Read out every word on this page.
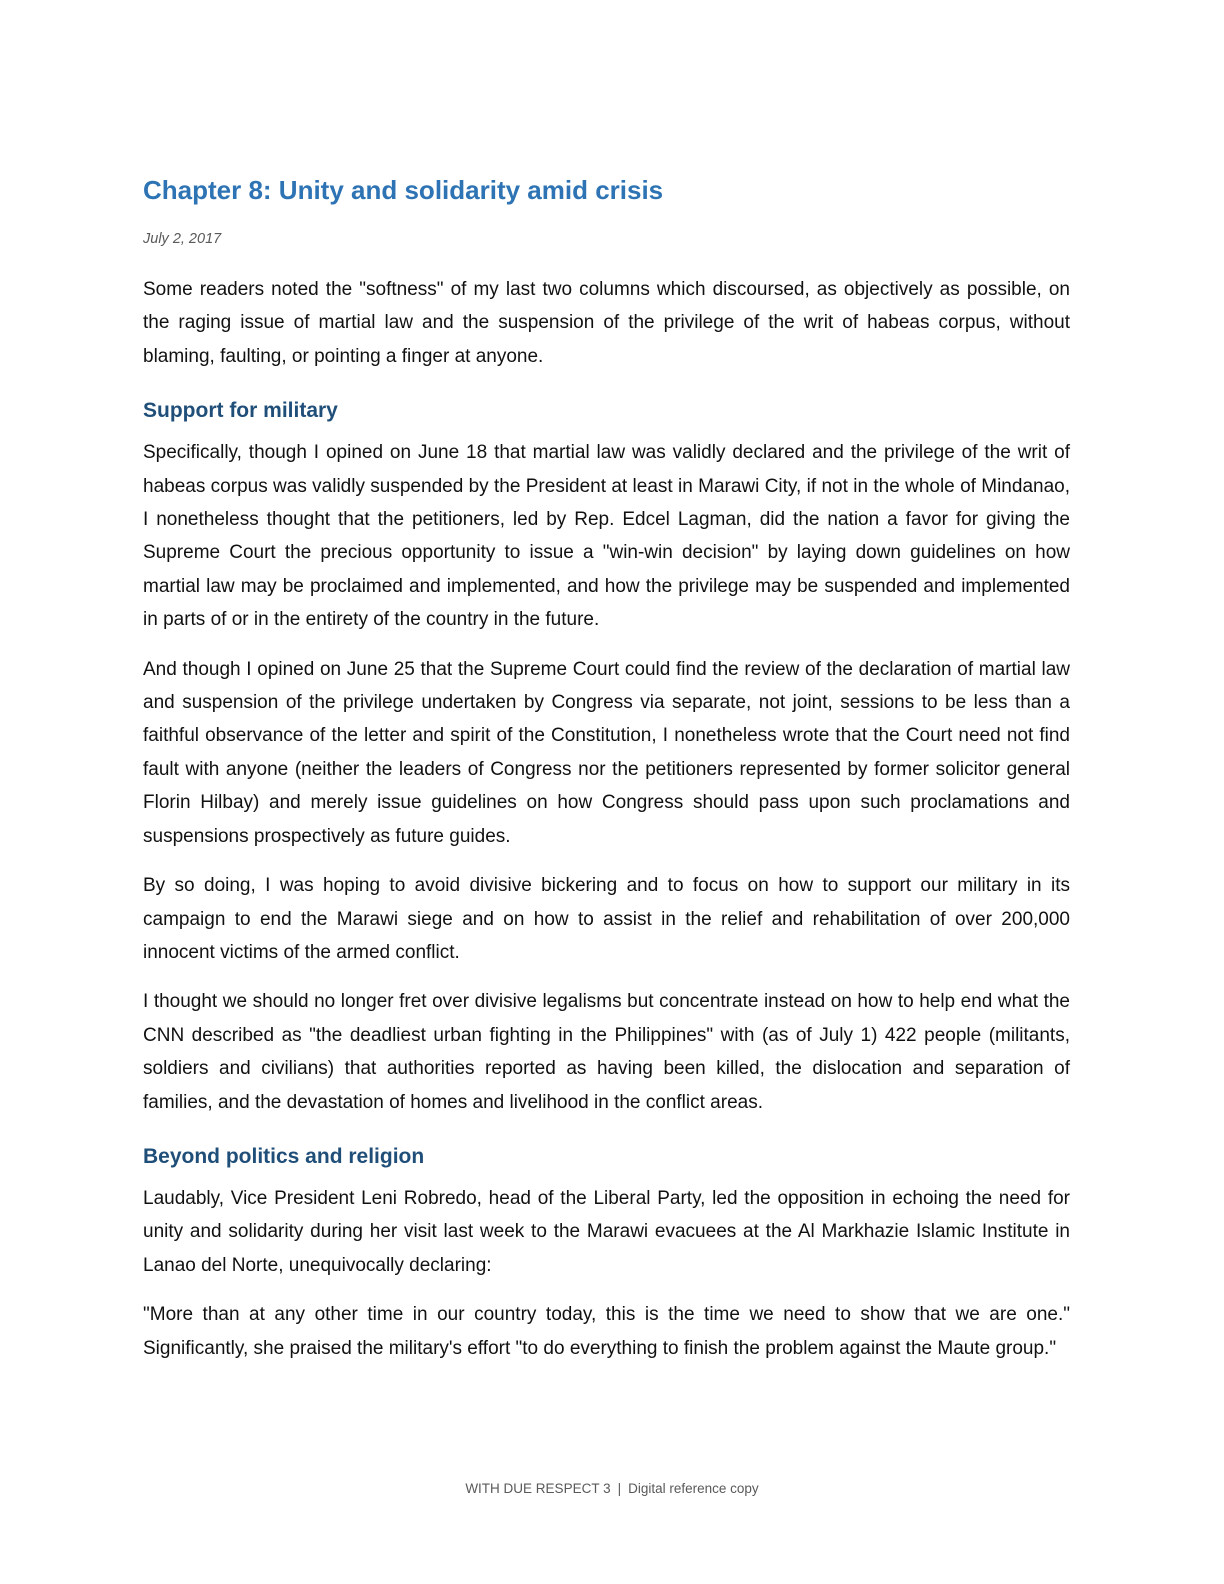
Chapter 8: Unity and solidarity amid crisis
July 2, 2017

Some readers noted the "softness" of my last two columns which discoursed, as objectively as possible, on the raging issue of martial law and the suspension of the privilege of the writ of habeas corpus, without blaming, faulting, or pointing a finger at anyone.

Support for military

Specifically, though I opined on June 18 that martial law was validly declared and the privilege of the writ of habeas corpus was validly suspended by the President at least in Marawi City, if not in the whole of Mindanao, I nonetheless thought that the petitioners, led by Rep. Edcel Lagman, did the nation a favor for giving the Supreme Court the precious opportunity to issue a "win-win decision" by laying down guidelines on how martial law may be proclaimed and implemented, and how the privilege may be suspended and implemented in parts of or in the entirety of the country in the future.

And though I opined on June 25 that the Supreme Court could find the review of the declaration of martial law and suspension of the privilege undertaken by Congress via separate, not joint, sessions to be less than a faithful observance of the letter and spirit of the Constitution, I nonetheless wrote that the Court need not find fault with anyone (neither the leaders of Congress nor the petitioners represented by former solicitor general Florin Hilbay) and merely issue guidelines on how Congress should pass upon such proclamations and suspensions prospectively as future guides.

By so doing, I was hoping to avoid divisive bickering and to focus on how to support our military in its campaign to end the Marawi siege and on how to assist in the relief and rehabilitation of over 200,000 innocent victims of the armed conflict.

I thought we should no longer fret over divisive legalisms but concentrate instead on how to help end what the CNN described as "the deadliest urban fighting in the Philippines" with (as of July 1) 422 people (militants, soldiers and civilians) that authorities reported as having been killed, the dislocation and separation of families, and the devastation of homes and livelihood in the conflict areas.

Beyond politics and religion

Laudably, Vice President Leni Robredo, head of the Liberal Party, led the opposition in echoing the need for unity and solidarity during her visit last week to the Marawi evacuees at the Al Markhazie Islamic Institute in Lanao del Norte, unequivocally declaring:

"More than at any other time in our country today, this is the time we need to show that we are one." Significantly, she praised the military's effort "to do everything to finish the problem against the Maute group."

WITH DUE RESPECT 3 | Digital reference copy
